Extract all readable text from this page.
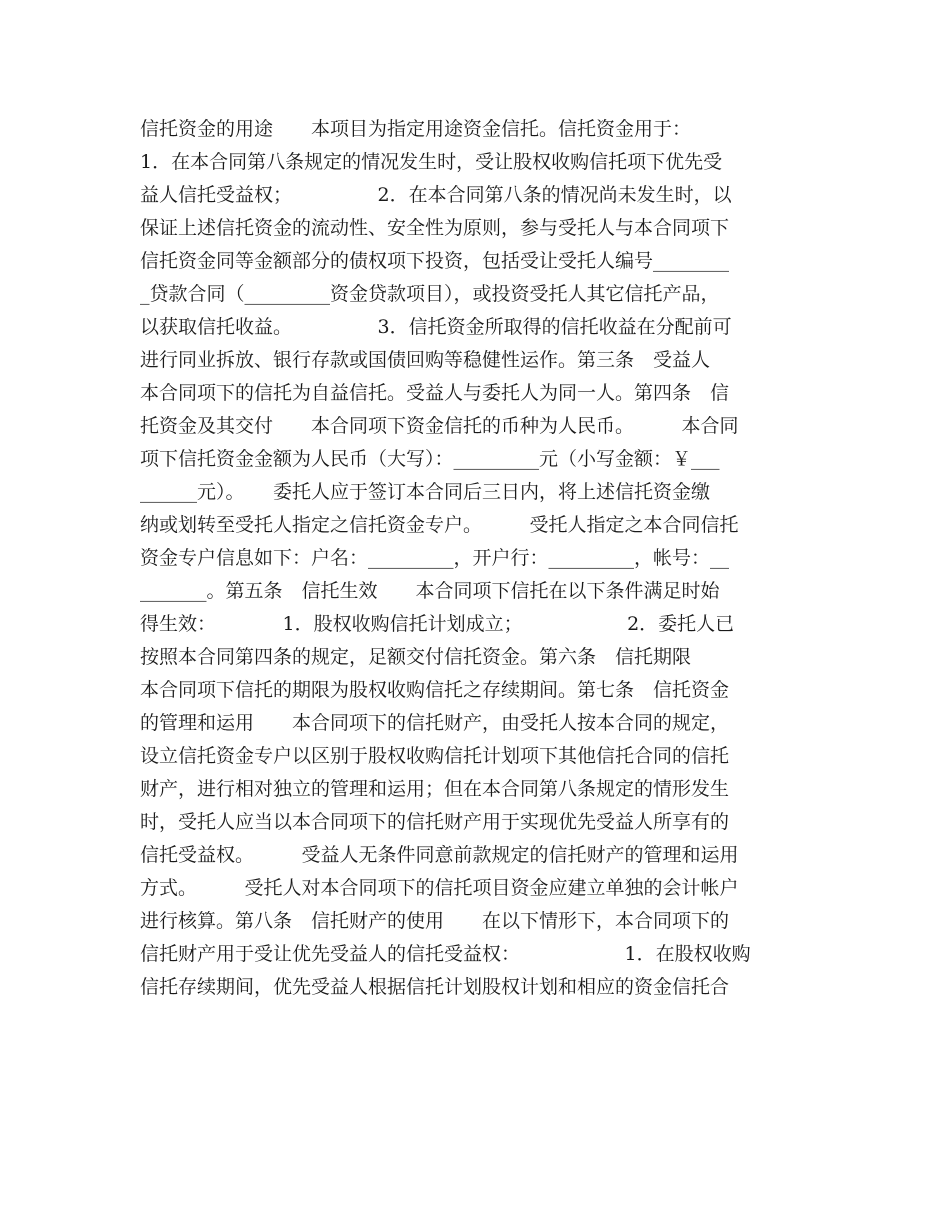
信托资金的用途　　本项目为指定用途资金信托。信托资金用于：
1．在本合同第八条规定的情况发生时，受让股权收购信托项下优先受
益人信托受益权；　　　　　2．在本合同第八条的情况尚未发生时，以
保证上述信托资金的流动性、安全性为原则，参与受托人与本合同项下
信托资金同等金额部分的债权项下投资，包括受让受托人编号________
_贷款合同（_________资金贷款项目），或投资受托人其它信托产品，
以获取信托收益。　　　　　3．信托资金所取得的信托收益在分配前可
进行同业拆放、银行存款或国债回购等稳健性运作。第三条　受益人
本合同项下的信托为自益信托。受益人与委托人为同一人。第四条　信
托资金及其交付　　本合同项下资金信托的币种为人民币。　　　本合同
项下信托资金金额为人民币（大写）：_________元（小写金额：￥___
______元）。　　委托人应于签订本合同后三日内，将上述信托资金缴
纳或划转至受托人指定之信托资金专户。　　　受托人指定之本合同信托
资金专户信息如下：户名：_________，开户行：_________，帐号：__
_______。第五条　信托生效　　本合同项下信托在以下条件满足时始
得生效：　　　　1．股权收购信托计划成立；　　　　　　2．委托人已
按照本合同第四条的规定，足额交付信托资金。第六条　信托期限
本合同项下信托的期限为股权收购信托之存续期间。第七条　信托资金
的管理和运用　　本合同项下的信托财产，由受托人按本合同的规定，
设立信托资金专户以区别于股权收购信托计划项下其他信托合同的信托
财产，进行相对独立的管理和运用；但在本合同第八条规定的情形发生
时，受托人应当以本合同项下的信托财产用于实现优先受益人所享有的
信托受益权。　　　受益人无条件同意前款规定的信托财产的管理和运用
方式。　　　受托人对本合同项下的信托项目资金应建立单独的会计帐户
进行核算。第八条　信托财产的使用　　在以下情形下，本合同项下的
信托财产用于受让优先受益人的信托受益权：　　　　　　1．在股权收购
信托存续期间，优先受益人根据信托计划股权计划和相应的资金信托合
